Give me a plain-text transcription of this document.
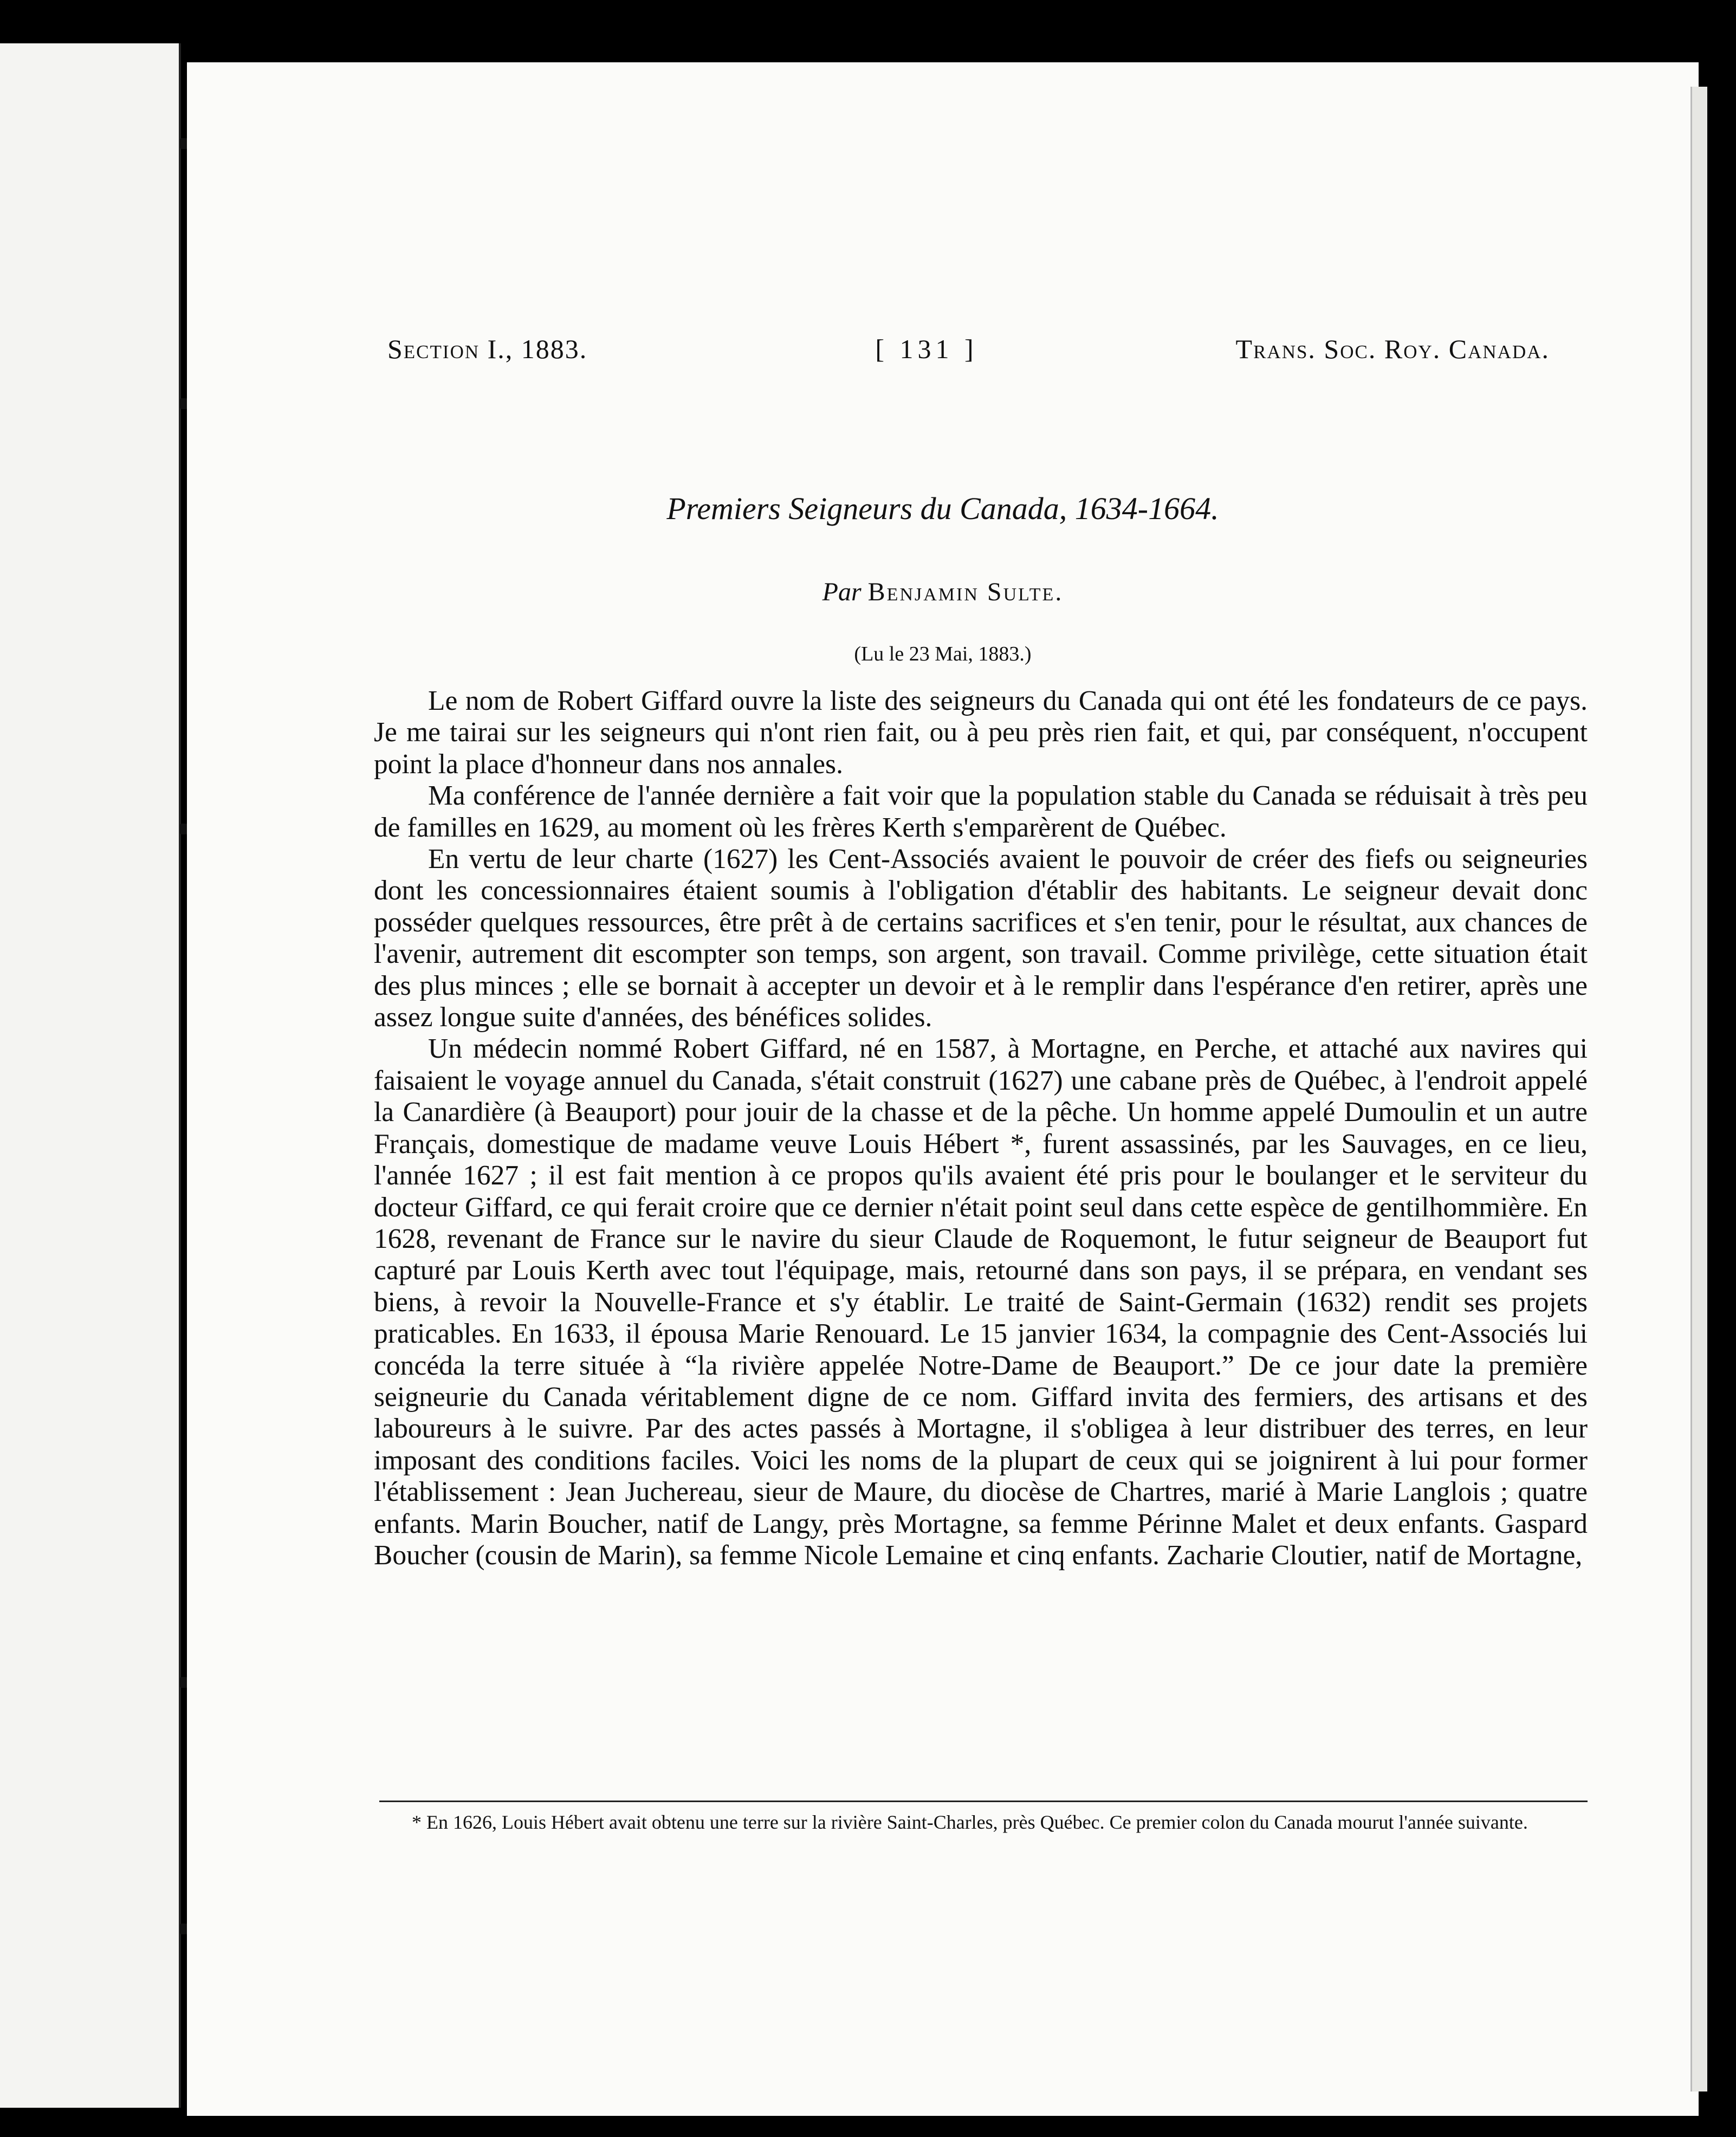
Section I., 1883.	[ 131 ]	Trans. Soc. Roy. Canada.
Premiers Seigneurs du Canada, 1634-1664.
Par Benjamin Sulte.
(Lu le 23 Mai, 1883.)

Le nom de Robert Giffard ouvre la liste des seigneurs du Canada qui ont été les fondateurs de ce pays. Je me tairai sur les seigneurs qui n'ont rien fait, ou à peu près rien fait, et qui, par conséquent, n'occupent point la place d'honneur dans nos annales.

Ma conférence de l'année dernière a fait voir que la population stable du Canada se réduisait à très peu de familles en 1629, au moment où les frères Kerth s'emparèrent de Québec.

En vertu de leur charte (1627) les Cent-Associés avaient le pouvoir de créer des fiefs ou seigneuries dont les concessionnaires étaient soumis à l'obligation d'établir des habitants. Le seigneur devait donc posséder quelques ressources, être prêt à de certains sacrifices et s'en tenir, pour le résultat, aux chances de l'avenir, autrement dit escompter son temps, son argent, son travail. Comme privilège, cette situation était des plus minces ; elle se bornait à accepter un devoir et à le remplir dans l'espérance d'en retirer, après une assez longue suite d'années, des bénéfices solides.

Un médecin nommé Robert Giffard, né en 1587, à Mortagne, en Perche, et attaché aux navires qui faisaient le voyage annuel du Canada, s'était construit (1627) une cabane près de Québec, à l'endroit appelé la Canardière (à Beauport) pour jouir de la chasse et de la pêche. Un homme appelé Dumoulin et un autre Français, domestique de madame veuve Louis Hébert *, furent assassinés, par les Sauvages, en ce lieu, l'année 1627 ; il est fait mention à ce propos qu'ils avaient été pris pour le boulanger et le serviteur du docteur Giffard, ce qui ferait croire que ce dernier n'était point seul dans cette espèce de gentilhommière. En 1628, revenant de France sur le navire du sieur Claude de Roquemont, le futur seigneur de Beauport fut capturé par Louis Kerth avec tout l'équipage, mais, retourné dans son pays, il se prépara, en vendant ses biens, à revoir la Nouvelle-France et s'y établir. Le traité de Saint-Germain (1632) rendit ses projets praticables. En 1633, il épousa Marie Renouard. Le 15 janvier 1634, la compagnie des Cent-Associés lui concéda la terre située à “la rivière appelée Notre-Dame de Beauport.” De ce jour date la première seigneurie du Canada véritablement digne de ce nom. Giffard invita des fermiers, des artisans et des laboureurs à le suivre. Par des actes passés à Mortagne, il s'obligea à leur distribuer des terres, en leur imposant des conditions faciles. Voici les noms de la plupart de ceux qui se joignirent à lui pour former l'établissement : Jean Juchereau, sieur de Maure, du diocèse de Chartres, marié à Marie Langlois ; quatre enfants. Marin Boucher, natif de Langy, près Mortagne, sa femme Périnne Malet et deux enfants. Gaspard Boucher (cousin de Marin), sa femme Nicole Lemaine et cinq enfants. Zacharie Cloutier, natif de Mortagne,

* En 1626, Louis Hébert avait obtenu une terre sur la rivière Saint-Charles, près Québec. Ce premier colon du Canada mourut l'année suivante.
